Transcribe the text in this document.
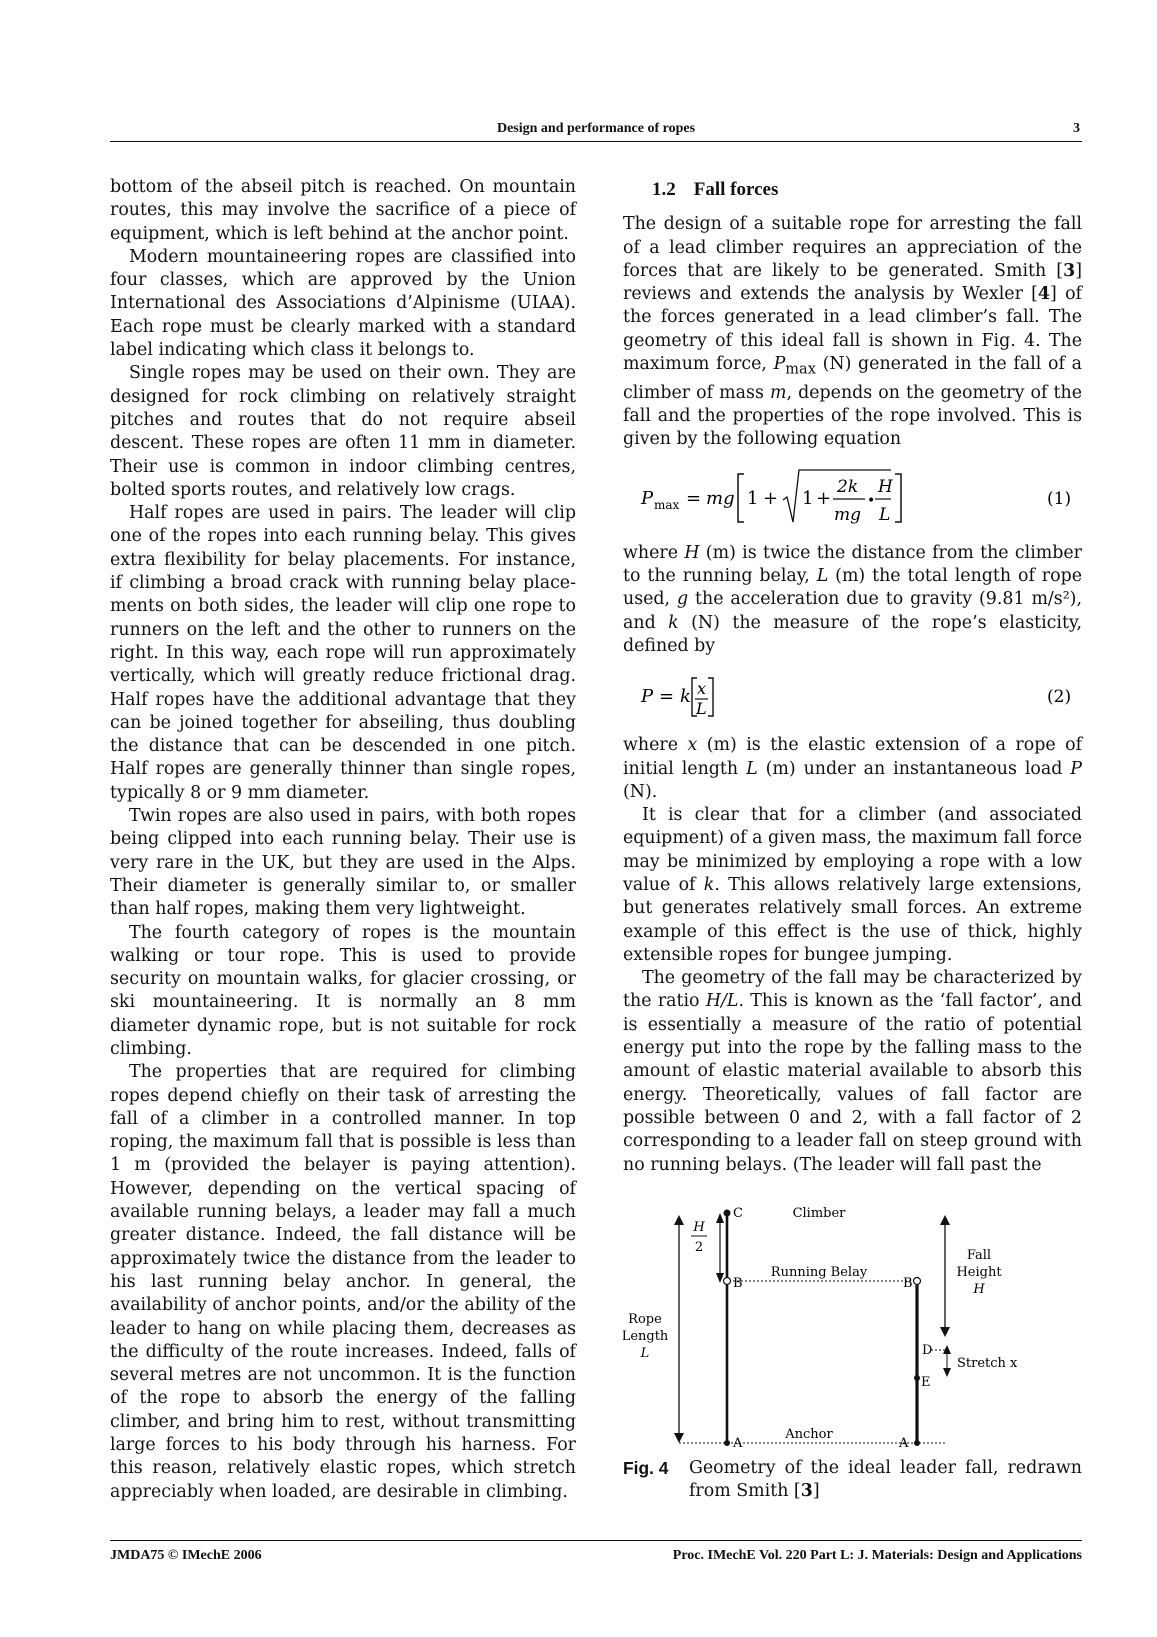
Design and performance of ropes	3

bottom of the abseil pitch is reached. On mountain routes, this may involve the sacrifice of a piece of equipment, which is left behind at the anchor point.

Modern mountaineering ropes are classified into four classes, which are approved by the Union International des Associations d’Alpinisme (UIAA). Each rope must be clearly marked with a standard label indicating which class it belongs to.

Single ropes may be used on their own. They are designed for rock climbing on relatively straight pitches and routes that do not require abseil descent. These ropes are often 11 mm in diameter. Their use is common in indoor climbing centres, bolted sports routes, and relatively low crags.

Half ropes are used in pairs. The leader will clip one of the ropes into each running belay. This gives extra flexibility for belay placements. For instance, if climbing a broad crack with running belay placements on both sides, the leader will clip one rope to runners on the left and the other to runners on the right. In this way, each rope will run approximately vertically, which will greatly reduce frictional drag. Half ropes have the additional advantage that they can be joined together for abseiling, thus doubling the distance that can be descended in one pitch. Half ropes are generally thinner than single ropes, typically 8 or 9 mm diameter.

Twin ropes are also used in pairs, with both ropes being clipped into each running belay. Their use is very rare in the UK, but they are used in the Alps. Their diameter is generally similar to, or smaller than half ropes, making them very lightweight.

The fourth category of ropes is the mountain walking or tour rope. This is used to provide security on mountain walks, for glacier crossing, or ski mountaineering. It is normally an 8 mm diameter dynamic rope, but is not suitable for rock climbing.

The properties that are required for climbing ropes depend chiefly on their task of arresting the fall of a climber in a controlled manner. In top roping, the maximum fall that is possible is less than 1 m (provided the belayer is paying attention). However, depending on the vertical spacing of available running belays, a leader may fall a much greater distance. Indeed, the fall distance will be approximately twice the distance from the leader to his last running belay anchor. In general, the availability of anchor points, and/or the ability of the leader to hang on while placing them, decreases as the difficulty of the route increases. Indeed, falls of several metres are not uncommon. It is the function of the rope to absorb the energy of the falling climber, and bring him to rest, without transmitting large forces to his body through his harness. For this reason, relatively elastic ropes, which stretch appreciably when loaded, are desirable in climbing.

1.2 Fall forces

The design of a suitable rope for arresting the fall of a lead climber requires an appreciation of the forces that are likely to be generated. Smith [3] reviews and extends the analysis by Wexler [4] of the forces generated in a lead climber’s fall. The geometry of this ideal fall is shown in Fig. 4. The maximum force, $P_{max}$ (N) generated in the fall of a climber of mass m, depends on the geometry of the fall and the properties of the rope involved. This is given by the following equation

P max = mg 1 + 1 +
2k
mg
•
H
L
(1)

where H (m) is twice the distance from the climber to the running belay, L (m) the total length of rope used, g the acceleration due to gravity (9.81 m/s²), and k (N) the measure of the rope’s elasticity, defined by

P = k x
L
(2)

where x (m) is the elastic extension of a rope of initial length L (m) under an instantaneous load P (N).

It is clear that for a climber (and associated equipment) of a given mass, the maximum fall force may be minimized by employing a rope with a low value of k. This allows relatively large extensions, but generates relatively small forces. An extreme example of this effect is the use of thick, highly extensible ropes for bungee jumping.

The geometry of the fall may be characterized by the ratio H/L. This is known as the ‘fall factor’, and is essentially a measure of the ratio of potential energy put into the rope by the falling mass to the amount of elastic material available to absorb this energy. Theoretically, values of fall factor are possible between 0 and 2, with a fall factor of 2 corresponding to a leader fall on steep ground with no running belays. (The leader will fall past the

Rope
Length
L
H
2
C
B
Running Belay
Climber
B
E
D
Stretch x
Fall
Height
H
A	A
Anchor
Fig. 4 Geometry of the ideal leader fall, redrawn from Smith [3]
JMDA75 © IMechE 2006	Proc. IMechE Vol. 220 Part L: J. Materials: Design and Applications
